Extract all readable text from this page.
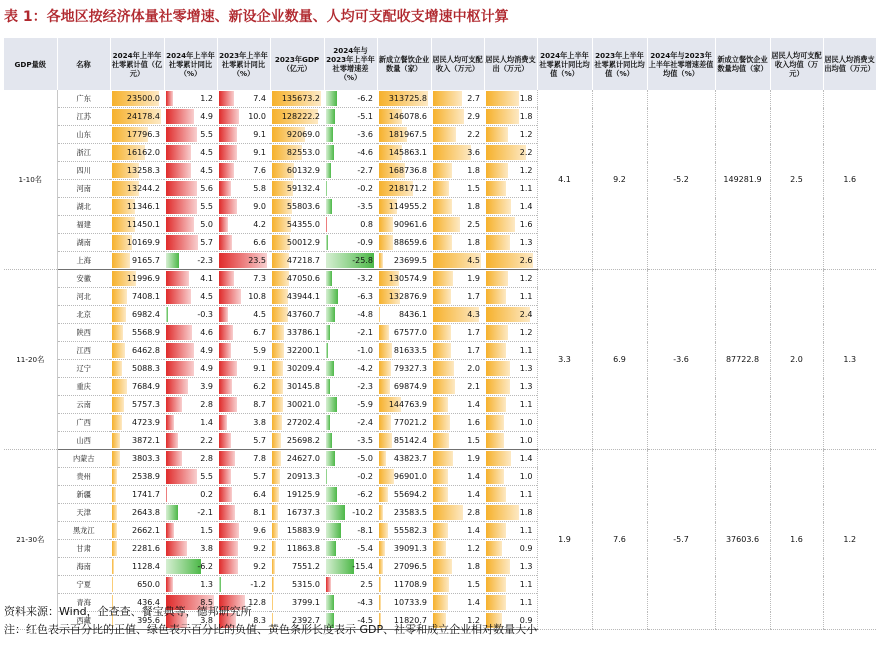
表 1：各地区按经济体量社零增速、新设企业数量、人均可支配收支增速中枢计算
GDP量级	名称	2024年上半年社零累计值（亿元）	2024年上半年社零累计同比（%）	2023年上半年社零累计同比（%）	2023年GDP（亿元）	2024年与2023年上半年社零增速差（%）	新成立餐饮企业数量（家）	居民人均可支配收入（万元）	居民人均消费支出（万元）	2024年上半年社零累计同比均值（%）	2023年上半年社零累计同比均值（%）	2024年与2023年上半年社零增速差值均值（%）	新成立餐饮企业数量均值（家）	居民人均可支配收入均值（万元）	居民人均消费支出均值（万元）
1-10名	广东	23500.0	1.2	7.4	135673.2	-6.2	313725.8	2.7	1.8	4.1	9.2	-5.2	149281.9	2.5	1.6
	江苏	24178.4	4.9	10.0	128222.2	-5.1	146078.6	2.9	1.8						

	山东	17796.3	5.5	9.1	92069.0	-3.6	181967.5	2.2	1.2						

	浙江	16162.0	4.5	9.1	82553.0	-4.6	145863.1	3.6	2.2						

	四川	13258.3	4.5	7.6	60132.9	-2.7	168736.8	1.8	1.2						

	河南	13244.2	5.6	5.8	59132.4	-0.2	218171.2	1.5	1.1						

	湖北	11346.1	5.5	9.0	55803.6	-3.5	114955.2	1.8	1.4						

	福建	11450.1	5.0	4.2	54355.0	0.8	90961.6	2.5	1.6						

	湖南	10169.9	5.7	6.6	50012.9	-0.9	88659.6	1.8	1.3						

	上海	9165.7	-2.3	23.5	47218.7	-25.8	23699.5	4.5	2.6						

11-20名	安徽	11996.9	4.1	7.3	47050.6	-3.2	130574.9	1.9	1.2	3.3	6.9	-3.6	87722.8	2.0	1.3
	河北	7408.1	4.5	10.8	43944.1	-6.3	132876.9	1.7	1.1						

	北京	6982.4	-0.3	4.5	43760.7	-4.8	8436.1	4.3	2.4						

	陕西	5568.9	4.6	6.7	33786.1	-2.1	67577.0	1.7	1.2						

	江西	6462.8	4.9	5.9	32200.1	-1.0	81633.5	1.7	1.1						

	辽宁	5088.3	4.9	9.1	30209.4	-4.2	79327.3	2.0	1.3						

	重庆	7684.9	3.9	6.2	30145.8	-2.3	69874.9	2.1	1.3						

	云南	5757.3	2.8	8.7	30021.0	-5.9	144763.9	1.4	1.1						

	广西	4723.9	1.4	3.8	27202.4	-2.4	77021.2	1.6	1.0						

	山西	3872.1	2.2	5.7	25698.2	-3.5	85142.4	1.5	1.0						

21-30名	内蒙古	3803.3	2.8	7.8	24627.0	-5.0	43823.7	1.9	1.4	1.9	7.6	-5.7	37603.6	1.6	1.2
	贵州	2538.9	5.5	5.7	20913.3	-0.2	96901.0	1.4	1.0						

	新疆	1741.7	0.2	6.4	19125.9	-6.2	55694.2	1.4	1.1						

	天津	2643.8	-2.1	8.1	16737.3	-10.2	23583.5	2.8	1.8						

	黑龙江	2662.1	1.5	9.6	15883.9	-8.1	55582.3	1.4	1.1						

	甘肃	2281.6	3.8	9.2	11863.8	-5.4	39091.3	1.2	0.9						

	海南	1128.4	-6.2	9.2	7551.2	-15.4	27096.5	1.8	1.3						

	宁夏	650.0	1.3	-1.2	5315.0	2.5	11708.9	1.5	1.1						

	青海	436.4	8.5	12.8	3799.1	-4.3	10733.9	1.4	1.1						

	西藏	395.6	3.8	8.3	2392.7	-4.5	11820.7	1.2	0.9						
资料来源：Wind，企查查、餐宝典等，德邦研究所
注：红色表示百分比的正值、绿色表示百分比的负值、黄色条形长度表示 GDP、社零和成立企业相对数量大小
